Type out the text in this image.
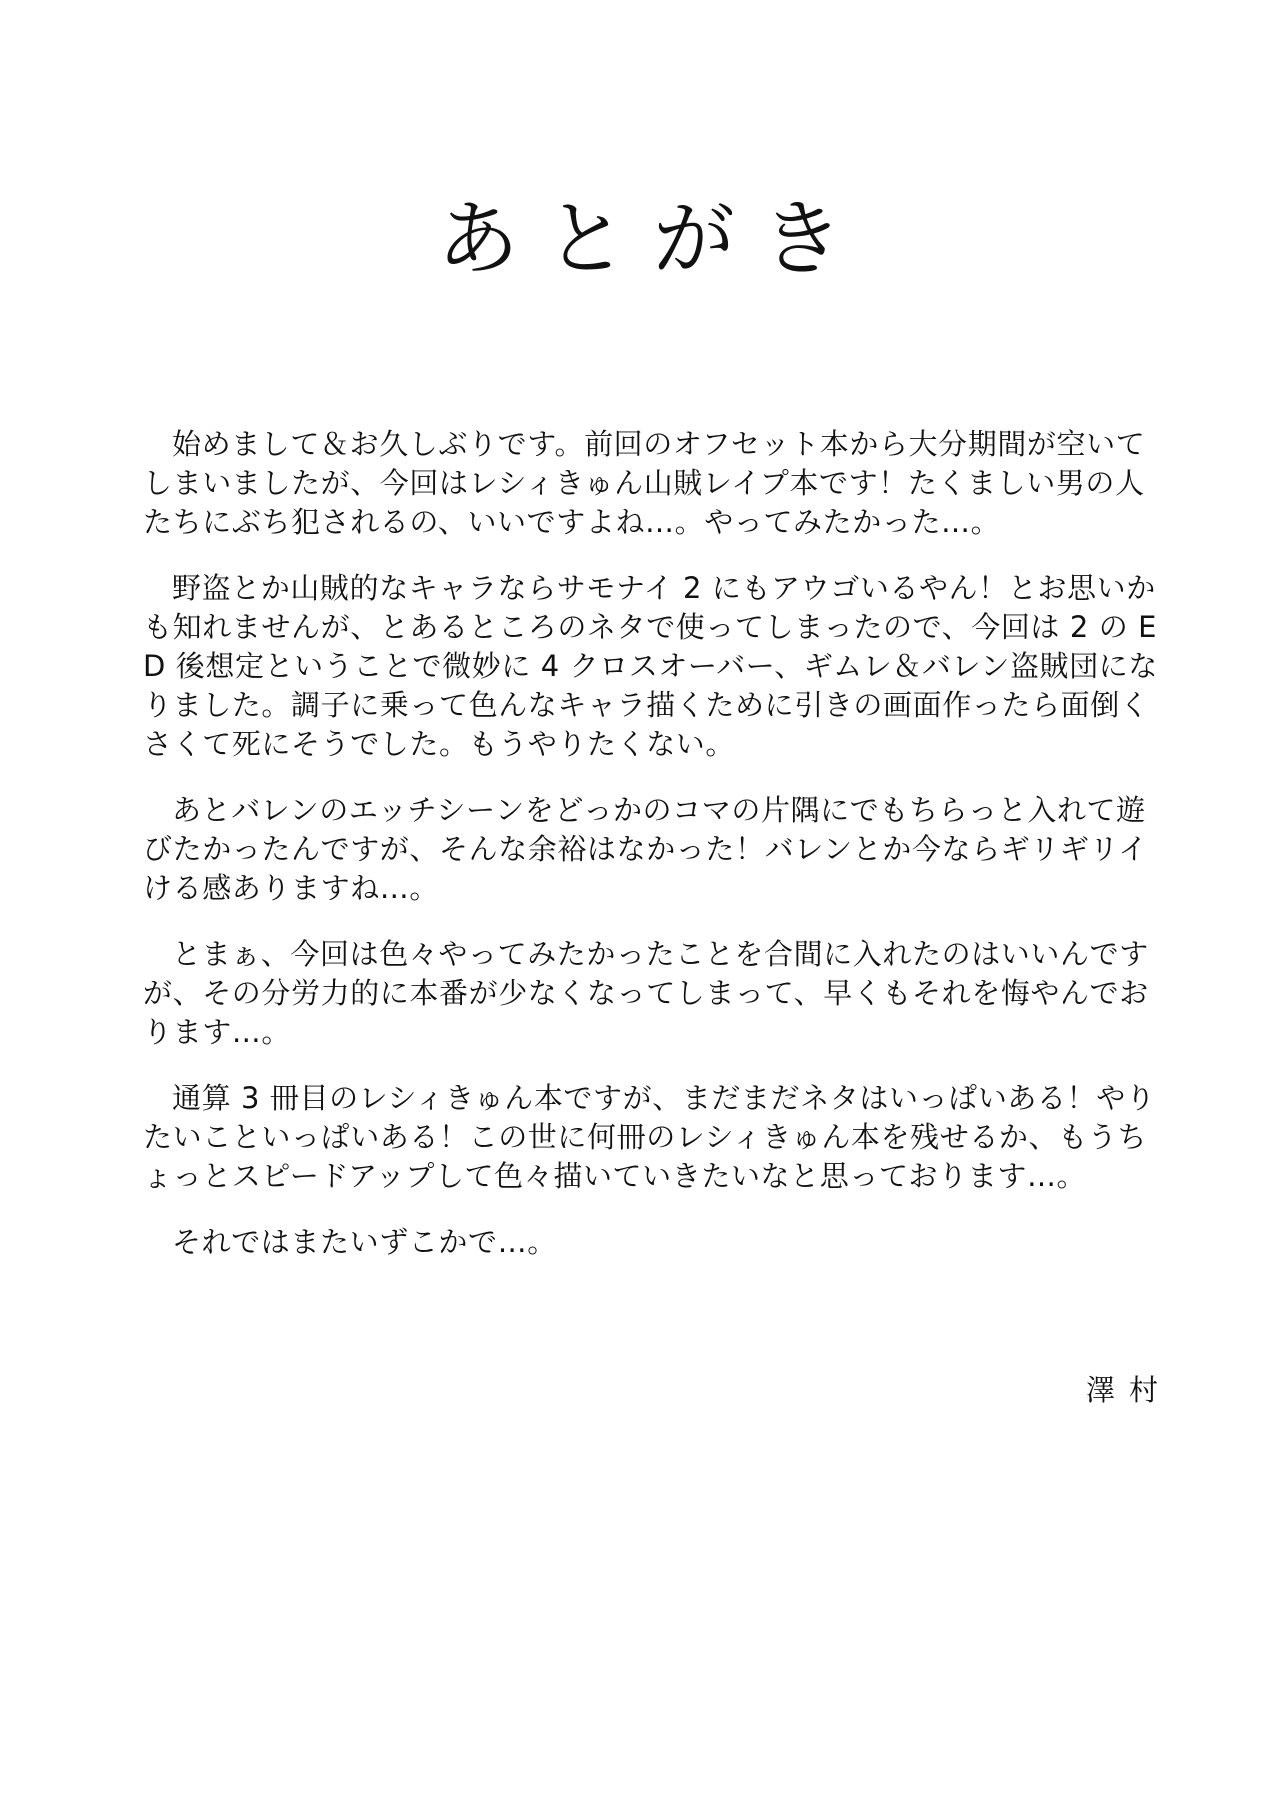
あとがき

始めまして＆お久しぶりです。前回のオフセット本から大分期間が空いてしまいましたが、今回はレシィきゅん山賊レイプ本です！たくましい男の人たちにぶち犯されるの、いいですよね…。やってみたかった…。

野盗とか山賊的なキャラならサモナイ 2 にもアウゴいるやん！とお思いかも知れませんが、とあるところのネタで使ってしまったので、今回は 2 の ED 後想定ということで微妙に 4 クロスオーバー、ギムレ＆バレン盗賊団になりました。調子に乗って色んなキャラ描くために引きの画面作ったら面倒くさくて死にそうでした。もうやりたくない。

あとバレンのエッチシーンをどっかのコマの片隅にでもちらっと入れて遊びたかったんですが、そんな余裕はなかった！バレンとか今ならギリギリイける感ありますね…。

とまぁ、今回は色々やってみたかったことを合間に入れたのはいいんですが、その分労力的に本番が少なくなってしまって、早くもそれを悔やんでおります…。

通算 3 冊目のレシィきゅん本ですが、まだまだネタはいっぱいある！やりたいこといっぱいある！この世に何冊のレシィきゅん本を残せるか、もうちょっとスピードアップして色々描いていきたいなと思っております…。

それではまたいずこかで…。

澤村
